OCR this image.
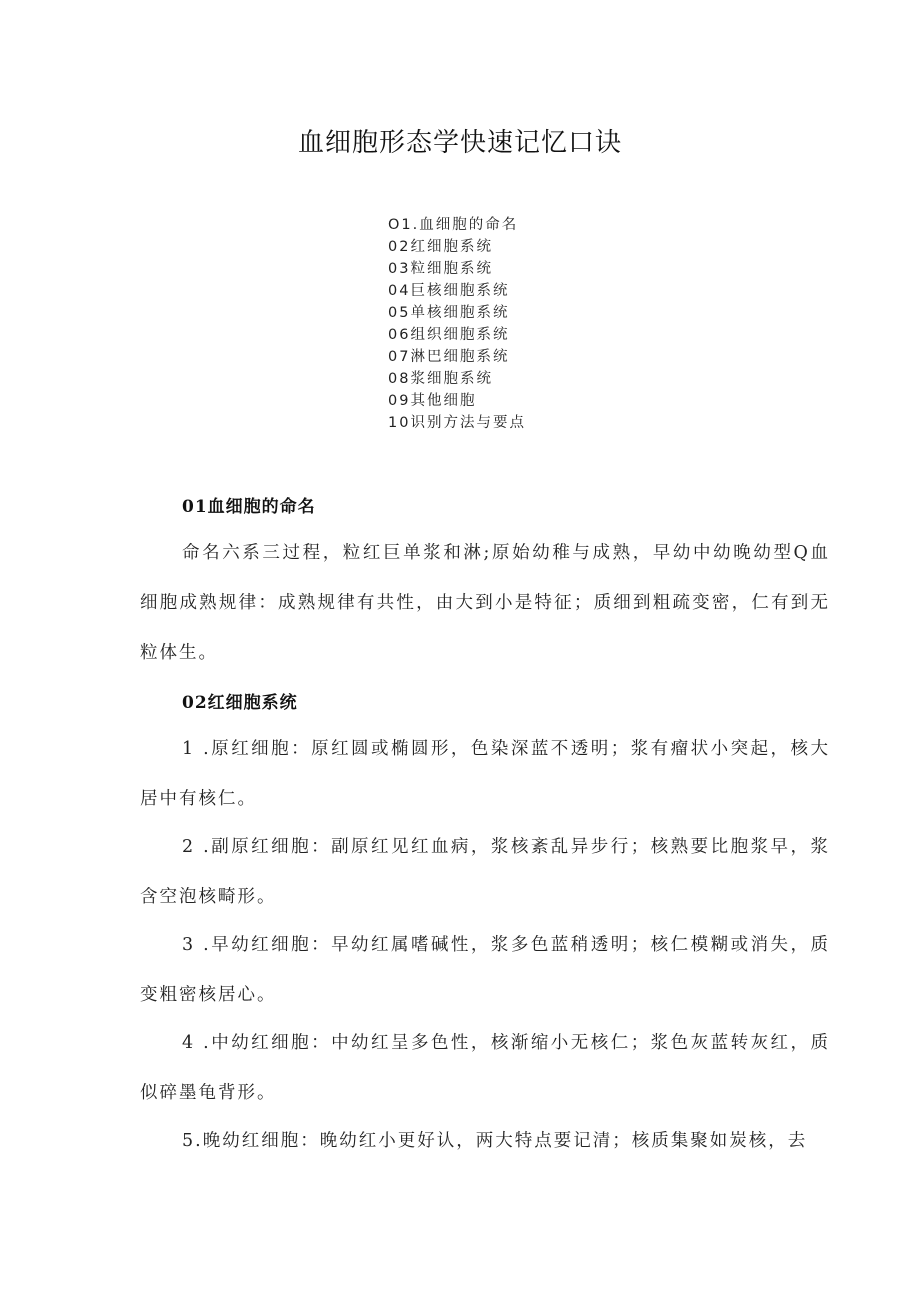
血细胞形态学快速记忆口诀
O1.血细胞的命名
02红细胞系统
03粒细胞系统
04巨核细胞系统
05单核细胞系统
06组织细胞系统
07淋巴细胞系统
08浆细胞系统
09其他细胞
10识别方法与要点
01血细胞的命名

命名六系三过程，粒红巨单浆和淋;原始幼稚与成熟，早幼中幼晚幼型Q血细胞成熟规律：成熟规律有共性，由大到小是特征；质细到粗疏变密，仁有到无粒体生。

02红细胞系统

1 .原红细胞：原红圆或椭圆形，色染深蓝不透明；浆有瘤状小突起，核大居中有核仁。

2 .副原红细胞：副原红见红血病，浆核紊乱异步行；核熟要比胞浆早，浆含空泡核畸形。

3 .早幼红细胞：早幼红属嗜碱性，浆多色蓝稍透明；核仁模糊或消失，质变粗密核居心。

4 .中幼红细胞：中幼红呈多色性，核渐缩小无核仁；浆色灰蓝转灰红，质似碎墨龟背形。

5.晚幼红细胞：晚幼红小更好认，两大特点要记清；核质集聚如炭核，去
